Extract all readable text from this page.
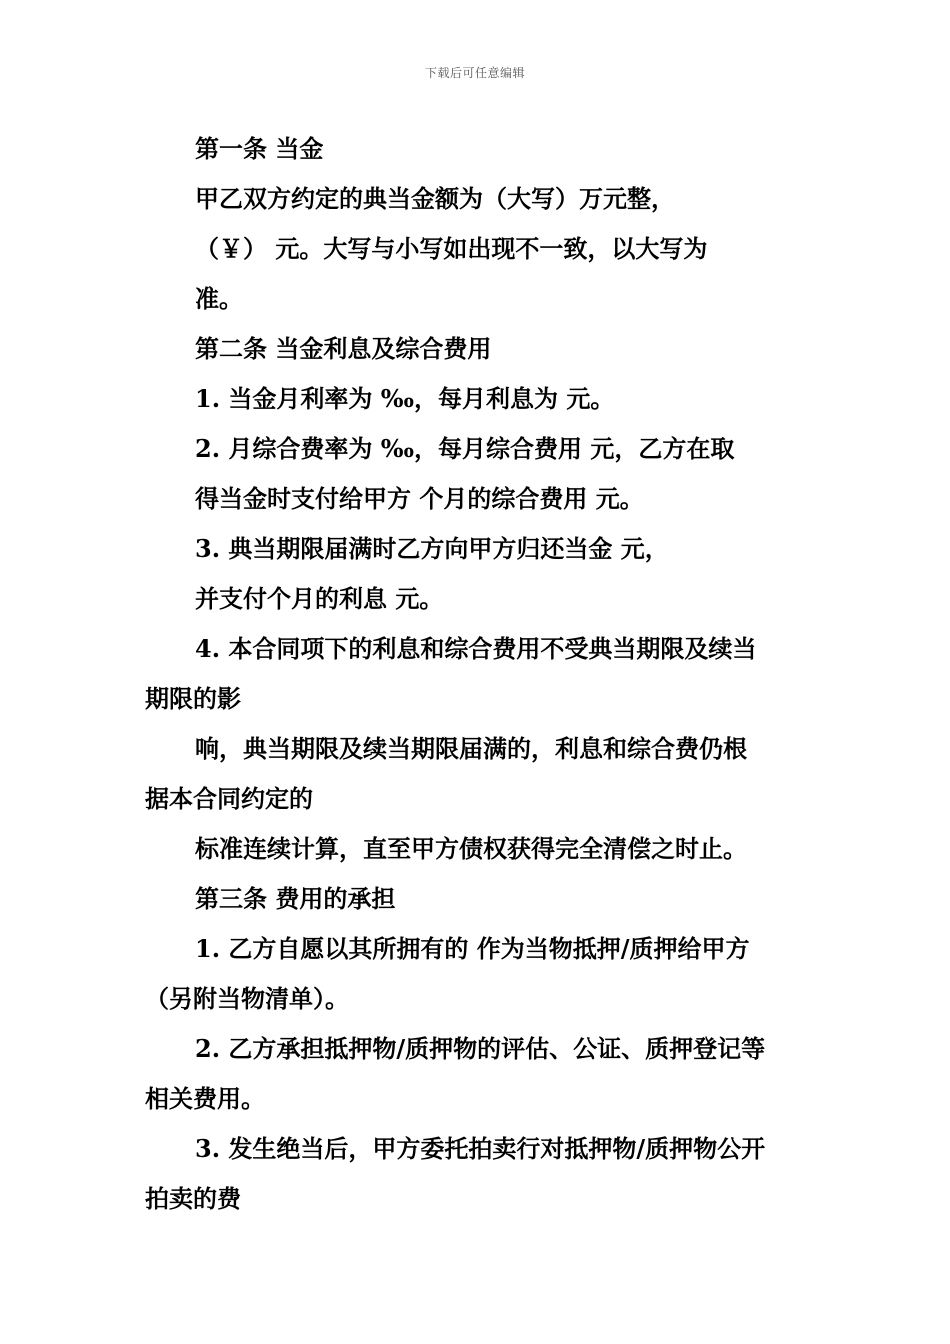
下载后可任意编辑
第一条 当金
甲乙双方约定的典当金额为（大写）万元整，
（￥） 元。大写与小写如出现不一致，以大写为
准。
第二条 当金利息及综合费用
1. 当金月利率为 ‰，每月利息为 元。
2. 月综合费率为 ‰，每月综合费用 元，乙方在取
得当金时支付给甲方 个月的综合费用 元。
3. 典当期限届满时乙方向甲方归还当金 元，
并支付个月的利息 元。
4. 本合同项下的利息和综合费用不受典当期限及续当
期限的影
响，典当期限及续当期限届满的，利息和综合费仍根
据本合同约定的
标准连续计算，直至甲方债权获得完全清偿之时止。
第三条 费用的承担
1. 乙方自愿以其所拥有的 作为当物抵押/质押给甲方
（另附当物清单）。
2. 乙方承担抵押物/质押物的评估、公证、质押登记等
相关费用。
3. 发生绝当后，甲方委托拍卖行对抵押物/质押物公开
拍卖的费
